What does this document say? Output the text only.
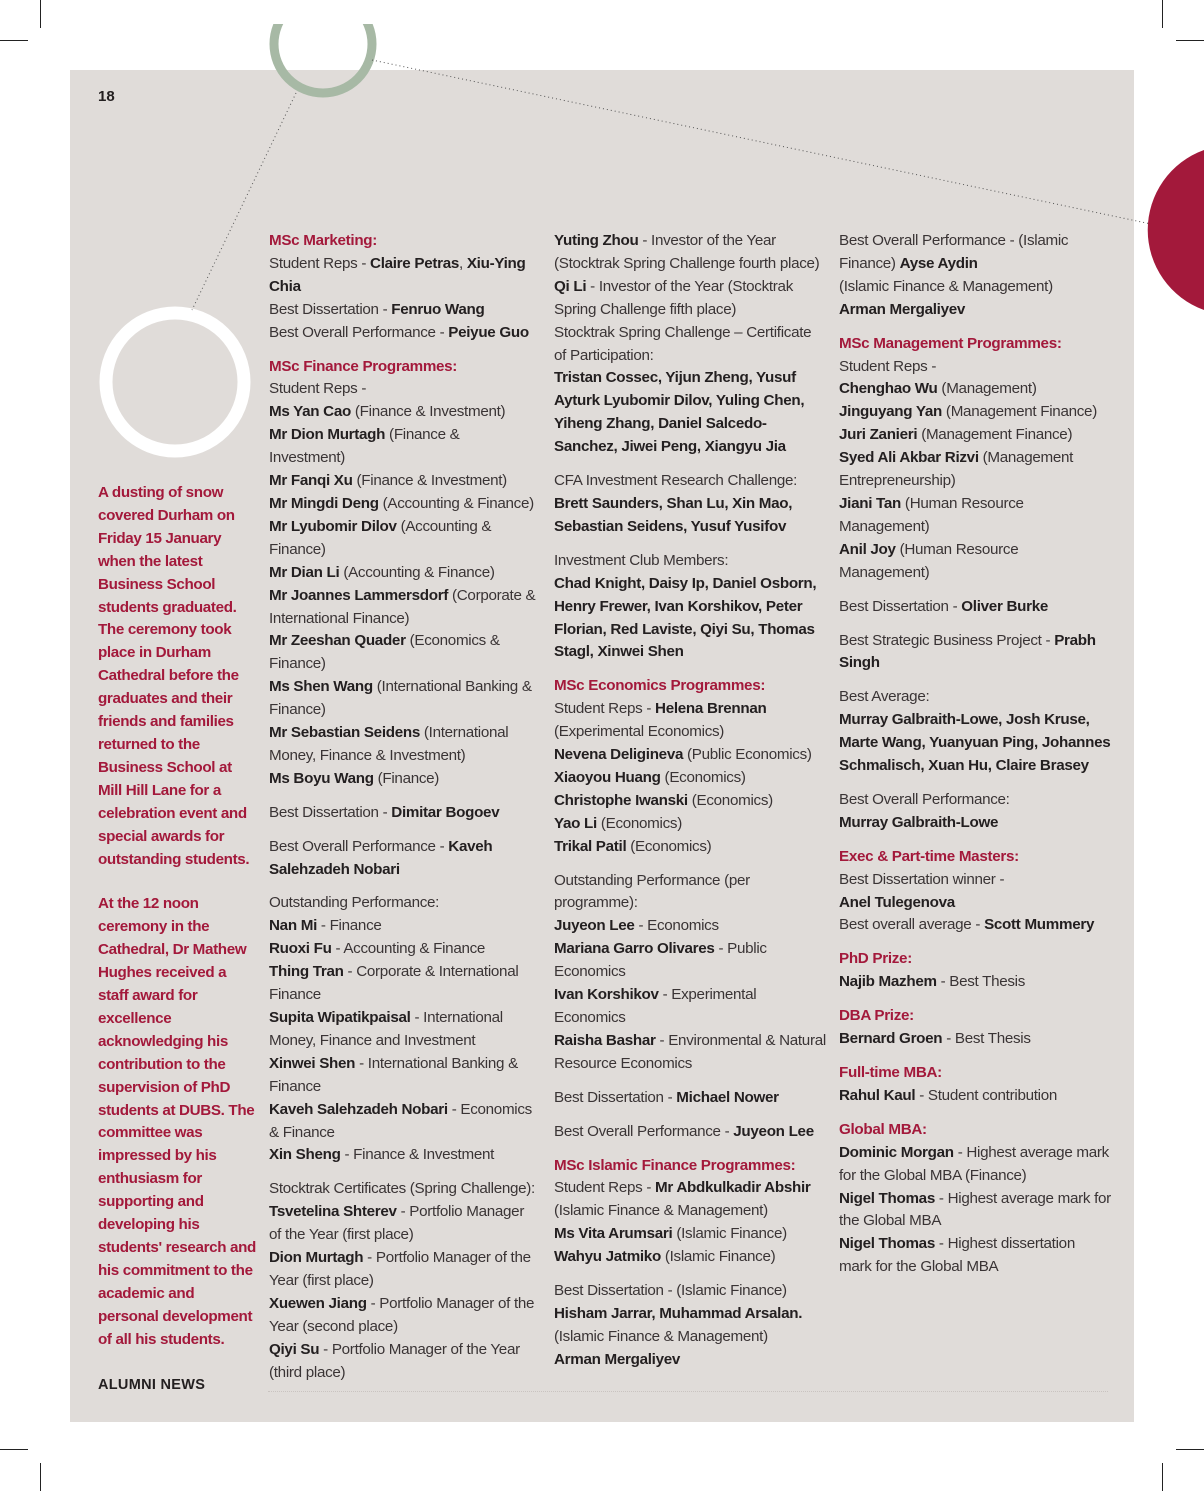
18

A dusting of snow covered Durham on Friday 15 January when the latest Business School students graduated. The ceremony took place in Durham Cathedral before the graduates and their friends and families returned to the Business School at Mill Hill Lane for a celebration event and special awards for outstanding students.

At the 12 noon ceremony in the Cathedral, Dr Mathew Hughes received a staff award for excellence acknowledging his contribution to the supervision of PhD students at DUBS. The committee was impressed by his enthusiasm for supporting and developing his students' research and his commitment to the academic and personal development of all his students.

MSc Marketing:

Student Reps - Claire Petras, Xiu-Ying Chia

Best Dissertation - Fenruo Wang

Best Overall Performance - Peiyue Guo

MSc Finance Programmes:

Student Reps -

Ms Yan Cao (Finance & Investment)

Mr Dion Murtagh (Finance & Investment)

Mr Fanqi Xu (Finance & Investment)

Mr Mingdi Deng (Accounting & Finance)

Mr Lyubomir Dilov (Accounting & Finance)

Mr Dian Li (Accounting & Finance)

Mr Joannes Lammersdorf (Corporate & International Finance)

Mr Zeeshan Quader (Economics & Finance)

Ms Shen Wang (International Banking & Finance)

Mr Sebastian Seidens (International Money, Finance & Investment)

Ms Boyu Wang (Finance)

Best Dissertation - Dimitar Bogoev

Best Overall Performance - Kaveh Salehzadeh Nobari

Outstanding Performance:

Nan Mi - Finance

Ruoxi Fu - Accounting & Finance

Thing Tran - Corporate & International Finance

Supita Wipatikpaisal - International Money, Finance and Investment

Xinwei Shen - International Banking & Finance

Kaveh Salehzadeh Nobari - Economics & Finance

Xin Sheng - Finance & Investment

Stocktrak Certificates (Spring Challenge):

Tsvetelina Shterev - Portfolio Manager of the Year (first place)

Dion Murtagh - Portfolio Manager of the Year (first place)

Xuewen Jiang - Portfolio Manager of the Year (second place)

Qiyi Su - Portfolio Manager of the Year (third place)

Yuting Zhou - Investor of the Year (Stocktrak Spring Challenge fourth place)

Qi Li - Investor of the Year (Stocktrak Spring Challenge fifth place)

Stocktrak Spring Challenge – Certificate of Participation:

Tristan Cossec, Yijun Zheng, Yusuf Ayturk Lyubomir Dilov, Yuling Chen, Yiheng Zhang, Daniel Salcedo-Sanchez, Jiwei Peng, Xiangyu Jia

CFA Investment Research Challenge:

Brett Saunders, Shan Lu, Xin Mao, Sebastian Seidens, Yusuf Yusifov

Investment Club Members:

Chad Knight, Daisy Ip, Daniel Osborn, Henry Frewer, Ivan Korshikov, Peter Florian, Red Laviste, Qiyi Su, Thomas Stagl, Xinwei Shen

MSc Economics Programmes:

Student Reps - Helena Brennan (Experimental Economics)

Nevena Deligineva (Public Economics)

Xiaoyou Huang (Economics)

Christophe Iwanski (Economics)

Yao Li (Economics)

Trikal Patil (Economics)

Outstanding Performance (per programme):

Juyeon Lee - Economics

Mariana Garro Olivares - Public Economics

Ivan Korshikov - Experimental Economics

Raisha Bashar - Environmental & Natural Resource Economics

Best Dissertation - Michael Nower

Best Overall Performance - Juyeon Lee

MSc Islamic Finance Programmes:

Student Reps - Mr Abdkulkadir Abshir (Islamic Finance & Management)

Ms Vita Arumsari (Islamic Finance)

Wahyu Jatmiko (Islamic Finance)

Best Dissertation - (Islamic Finance)

Hisham Jarrar, Muhammad Arsalan.

(Islamic Finance & Management)

Arman Mergaliyev

Best Overall Performance - (Islamic Finance) Ayse Aydin

(Islamic Finance & Management)

Arman Mergaliyev

MSc Management Programmes:

Student Reps -

Chenghao Wu (Management)

Jinguyang Yan (Management Finance)

Juri Zanieri (Management Finance)

Syed Ali Akbar Rizvi (Management Entrepreneurship)

Jiani Tan (Human Resource Management)

Anil Joy (Human Resource Management)

Best Dissertation - Oliver Burke

Best Strategic Business Project - Prabh Singh

Best Average:

Murray Galbraith-Lowe, Josh Kruse, Marte Wang, Yuanyuan Ping, Johannes Schmalisch, Xuan Hu, Claire Brasey

Best Overall Performance:

Murray Galbraith-Lowe

Exec & Part-time Masters:

Best Dissertation winner -

Anel Tulegenova

Best overall average - Scott Mummery

PhD Prize:

Najib Mazhem - Best Thesis

DBA Prize:

Bernard Groen - Best Thesis

Full-time MBA:

Rahul Kaul - Student contribution

Global MBA:

Dominic Morgan - Highest average mark for the Global MBA (Finance)

Nigel Thomas - Highest average mark for the Global MBA

Nigel Thomas - Highest dissertation mark for the Global MBA

ALUMNI NEWS
